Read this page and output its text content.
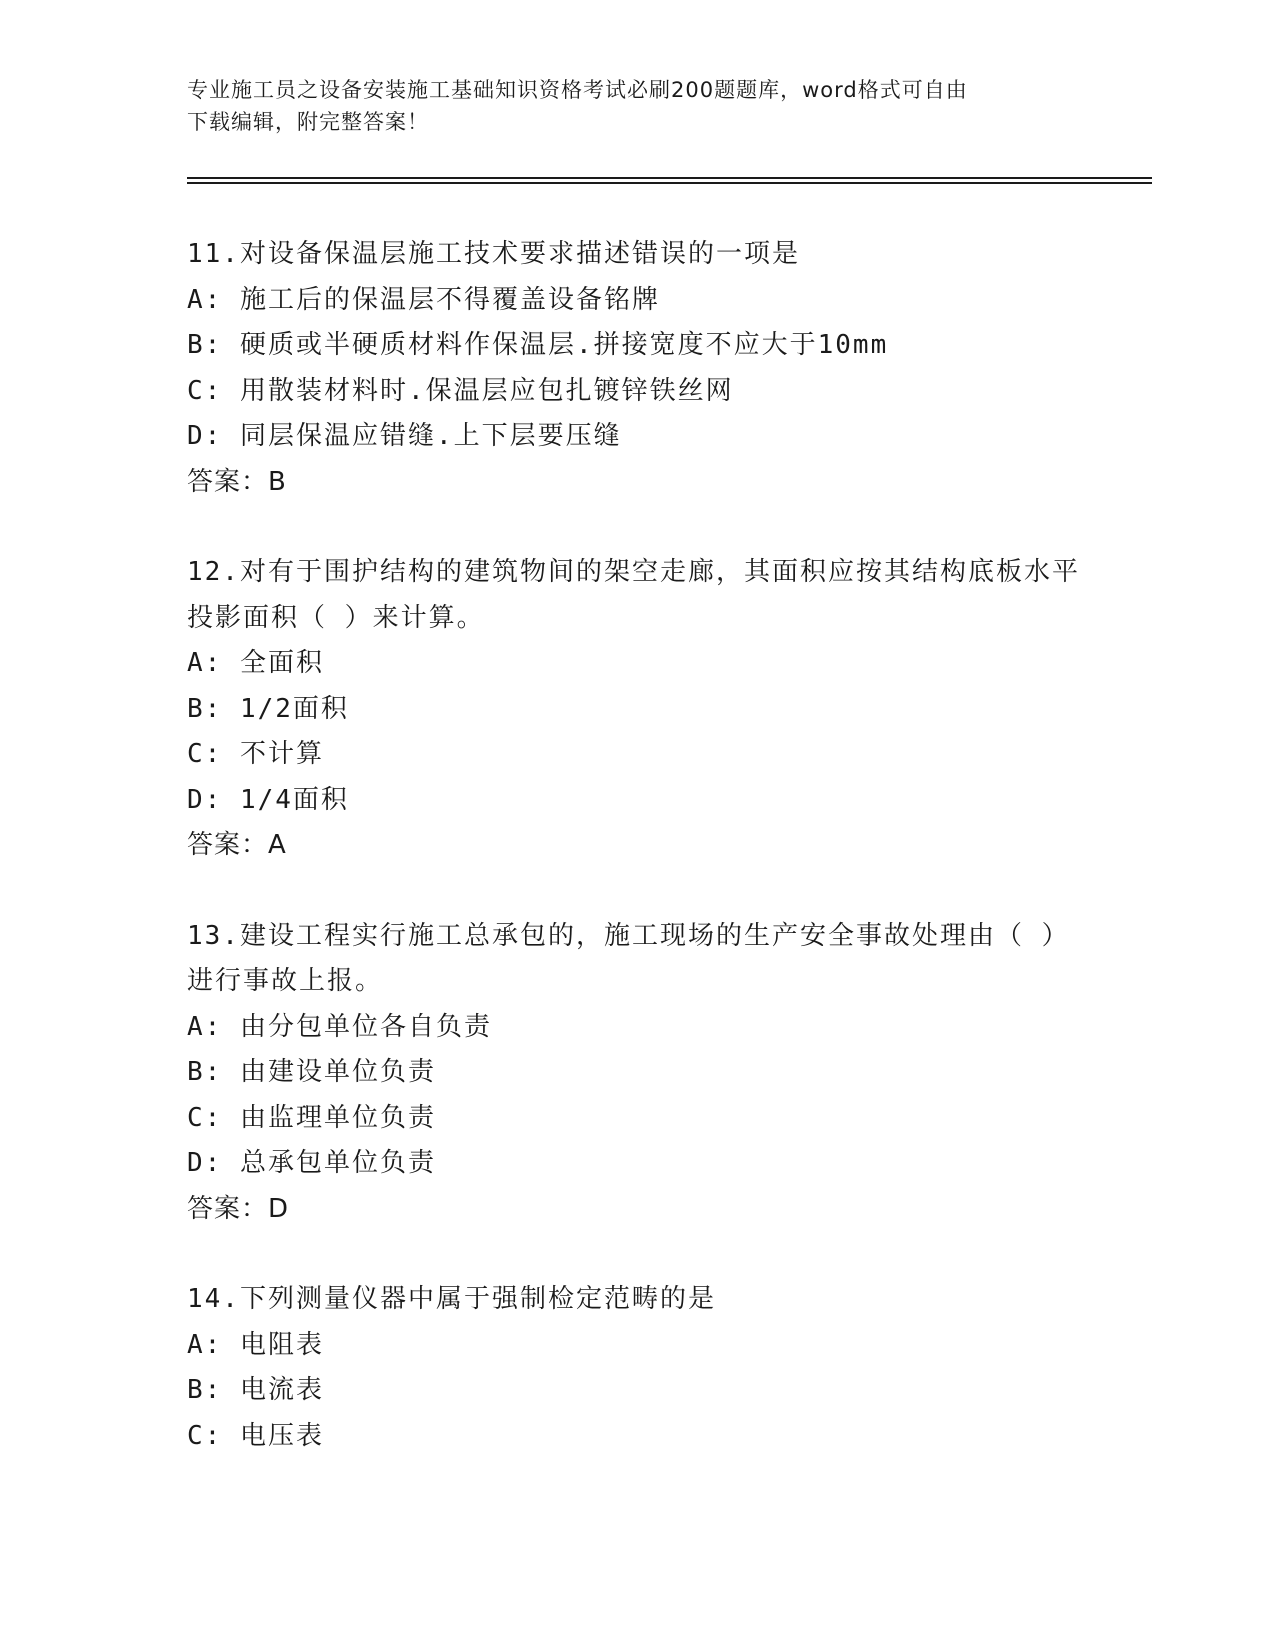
专业施工员之设备安装施工基础知识资格考试必刷200题题库，word格式可自由
下载编辑，附完整答案！
11.对设备保温层施工技术要求描述错误的一项是
A: 施工后的保温层不得覆盖设备铭牌
B: 硬质或半硬质材料作保温层.拼接宽度不应大于10mm
C: 用散装材料时.保温层应包扎镀锌铁丝网
D: 同层保温应错缝.上下层要压缝
答案：B
12.对有于围护结构的建筑物间的架空走廊，其面积应按其结构底板水平投影面积（ ）来计算。
A: 全面积
B: 1/2面积
C: 不计算
D: 1/4面积
答案：A
13.建设工程实行施工总承包的，施工现场的生产安全事故处理由（ ）进行事故上报。
A: 由分包单位各自负责
B: 由建设单位负责
C: 由监理单位负责
D: 总承包单位负责
答案：D
14.下列测量仪器中属于强制检定范畴的是
A: 电阻表
B: 电流表
C: 电压表
